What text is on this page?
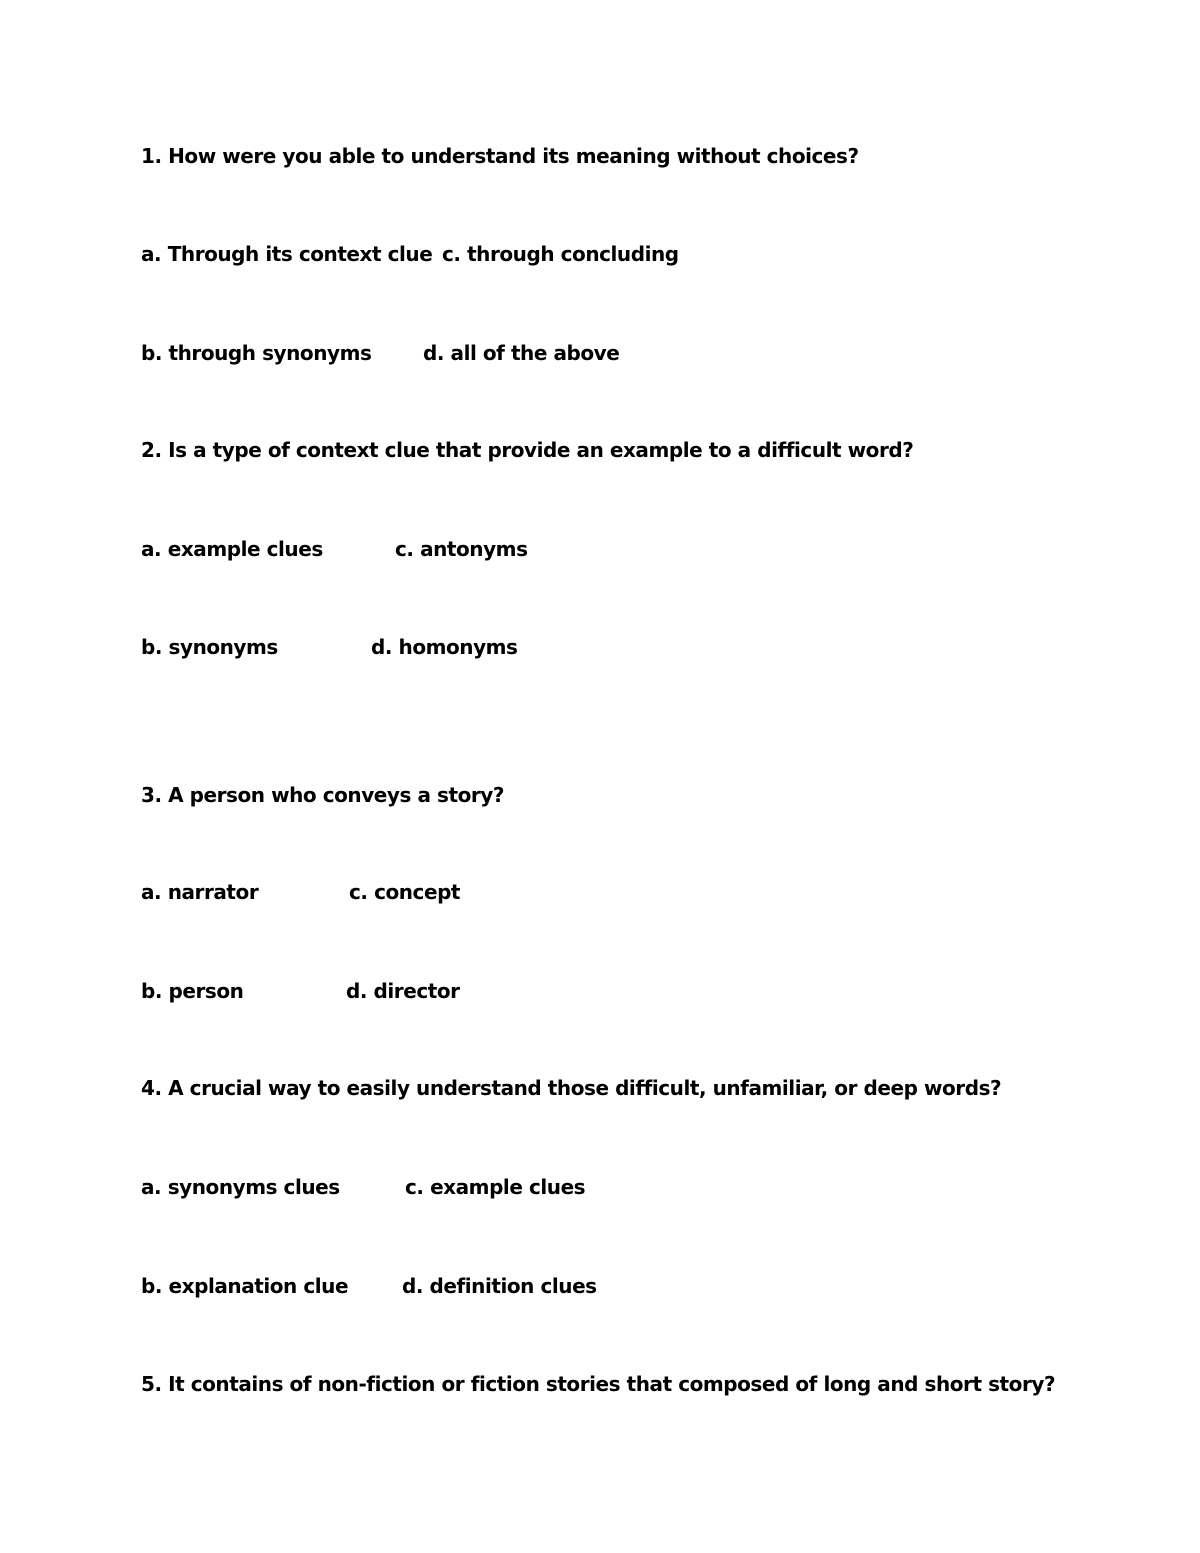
1. How were you able to understand its meaning without choices?
a. Through its context clue c. through concluding
b. through synonyms	d. all of the above
2. Is a type of context clue that provide an example to a difficult word?
a. example clues	c. antonyms
b. synonyms	d. homonyms
3. A person who conveys a story?
a. narrator	c. concept
b. person	d. director
4. A crucial way to easily understand those difficult, unfamiliar, or deep words?
a. synonyms clues	c. example clues
b. explanation clue	d. definition clues
5. It contains of non-fiction or fiction stories that composed of long and short story?
